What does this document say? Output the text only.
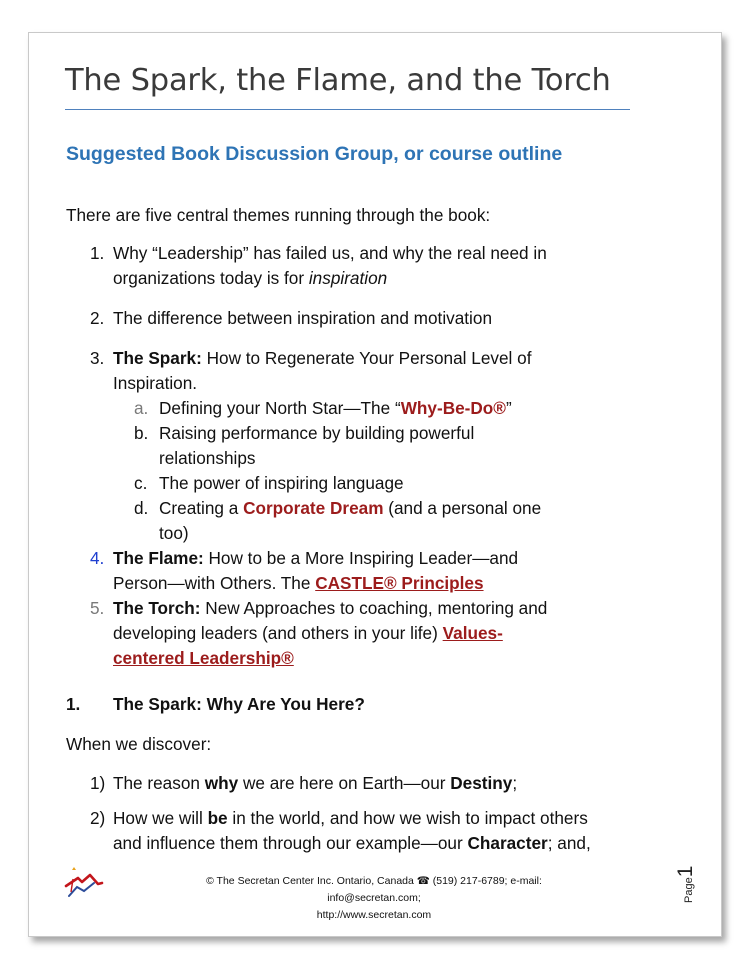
The Spark, the Flame, and the Torch
Suggested Book Discussion Group, or course outline

There are five central themes running through the book:

1. Why “Leadership” has failed us, and why the real need in
organizations today is for inspiration

2. The difference between inspiration and motivation

3. The Spark: How to Regenerate Your Personal Level of
Inspiration.

a. Defining your North Star—The “Why-Be-Do®”

b. Raising performance by building powerful
relationships

c. The power of inspiring language

d. Creating a Corporate Dream (and a personal one
too)

4. The Flame: How to be a More Inspiring Leader—and
Person—with Others. The CASTLE® Principles

5. The Torch: New Approaches to coaching, mentoring and
developing leaders (and others in your life) Values-
centered Leadership®

1. The Spark: Why Are You Here?

When we discover:

1) The reason why we are here on Earth—our Destiny;

2) How we will be in the world, and how we wish to impact others
and influence them through our example—our Character; and,

© The Secretan Center Inc. Ontario, Canada ☎ (519) 217-6789; e-mail: info@secretan.com;
http://www.secretan.com
Page1
